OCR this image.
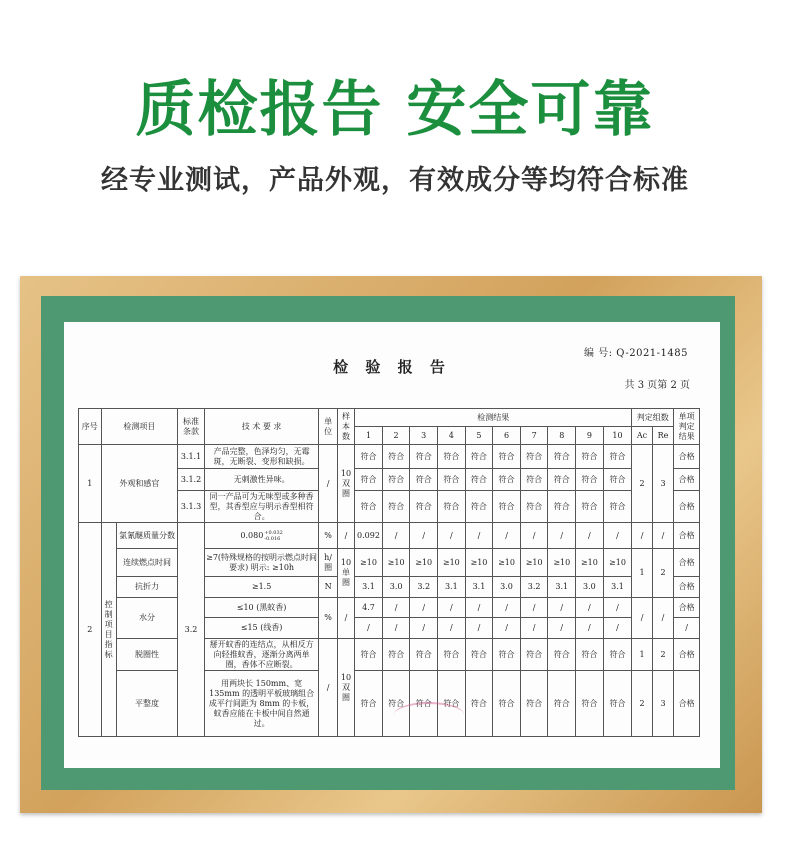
质检报告 安全可靠
经专业测试，产品外观，有效成分等均符合标准
编 号: Q-2021-1485
检 验 报 告
共 3 页第 2 页
序号	检测项目		标准条款	技 术 要 求	单位	样本数	检测结果										判定组数		单项判定结果
							1	2	3	4	5	6	7	8	9	10	Ac	Re	
1	外观和感官		3.1.1	产品完整，色泽均匀，无霉斑，无断裂、变形和缺损。	/	10双圈	符合	符合	符合	符合	符合	符合	符合	符合	符合	符合	2	3	合格
			3.1.2	无刺激性异味。			符合	符合	符合	符合	符合	符合	符合	符合	符合	符合			合格
			3.1.3	同一产品可为无味型或多种香型，其香型应与明示香型相符合。			符合	符合	符合	符合	符合	符合	符合	符合	符合	符合			合格
2	控制项目指标	氯氰醚质量分数	3.2	0.080+0.032
-0.016	%	/	0.092	/	/	/	/	/	/	/	/	/	/	/	合格
		连续燃点时间		≥7(特殊规格的按明示燃点时间要求) 明示: ≥10h	h/圈	10单圈	≥10	≥10	≥10	≥10	≥10	≥10	≥10	≥10	≥10	≥10	1	2	合格
		抗折力		≥1.5	N		3.1	3.0	3.2	3.1	3.1	3.0	3.2	3.1	3.0	3.1			合格
		水分		≤10 (黑蚊香)	%	/	4.7	/	/	/	/	/	/	/	/	/	/	/	合格
				≤15 (线香)			/	/	/	/	/	/	/	/	/	/			/
		脱圈性		掰开蚊香的连结点，从相反方向轻推蚊香，逐渐分离两单圈，香体不应断裂。	/	10双圈	符合	符合	符合	符合	符合	符合	符合	符合	符合	符合	1	2	合格
		平整度		用两块长 150mm、宽 135mm 的透明平板玻璃组合成平行间距为 8mm 的卡板，蚊香应能在卡板中间自然通过。			符合	符合	符合	符合	符合	符合	符合	符合	符合	符合	2	3	合格
